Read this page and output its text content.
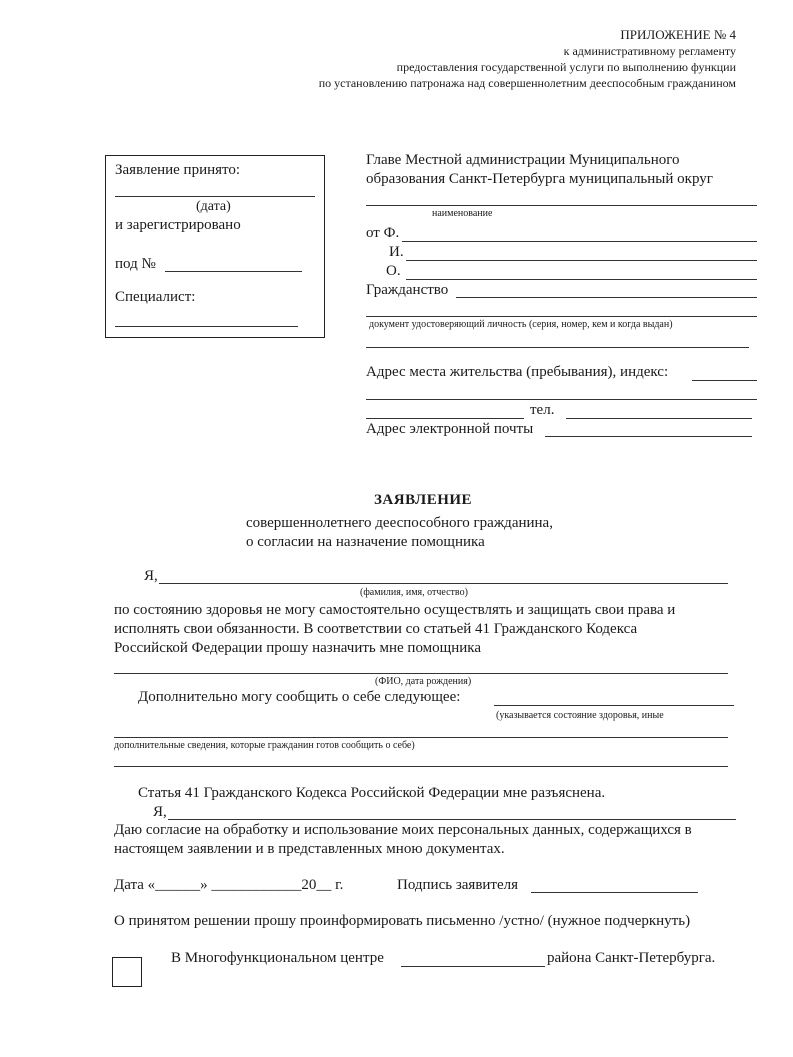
ПРИЛОЖЕНИЕ № 4
к административному регламенту
предоставления государственной услуги по выполнению функции
по установлению патронажа над совершеннолетним дееспособным гражданином
Заявление принято:
(дата)
и зарегистрировано
под №
Специалист:
Главе Местной администрации Муниципального
образования Санкт-Петербурга муниципальный округ
наименование
от Ф.
И.
О.
Гражданство
документ удостоверяющий личность (серия, номер, кем и когда выдан)
Адрес места жительства (пребывания), индекс:
тел.
Адрес электронной почты
ЗАЯВЛЕНИЕ
совершеннолетнего дееспособного гражданина,
о согласии на назначение помощника
Я,
(фамилия, имя, отчество)
по состоянию здоровья не могу самостоятельно осуществлять и защищать свои права и
исполнять свои обязанности. В соответствии со статьей 41 Гражданского Кодекса
Российской Федерации прошу назначить мне помощника
(ФИО, дата рождения)
Дополнительно могу сообщить о себе следующее:
(указывается состояние здоровья, иные
дополнительные сведения, которые гражданин готов сообщить о себе)
Статья 41 Гражданского Кодекса Российской Федерации мне разъяснена.
Я,
Даю согласие на обработку и использование моих персональных данных, содержащихся в
настоящем заявлении и в представленных мною документах.
Дата «______» ____________20__ г.	Подпись заявителя
О принятом решении прошу проинформировать письменно /устно/ (нужное подчеркнуть)
В Многофункциональном центре	района Санкт-Петербурга.
